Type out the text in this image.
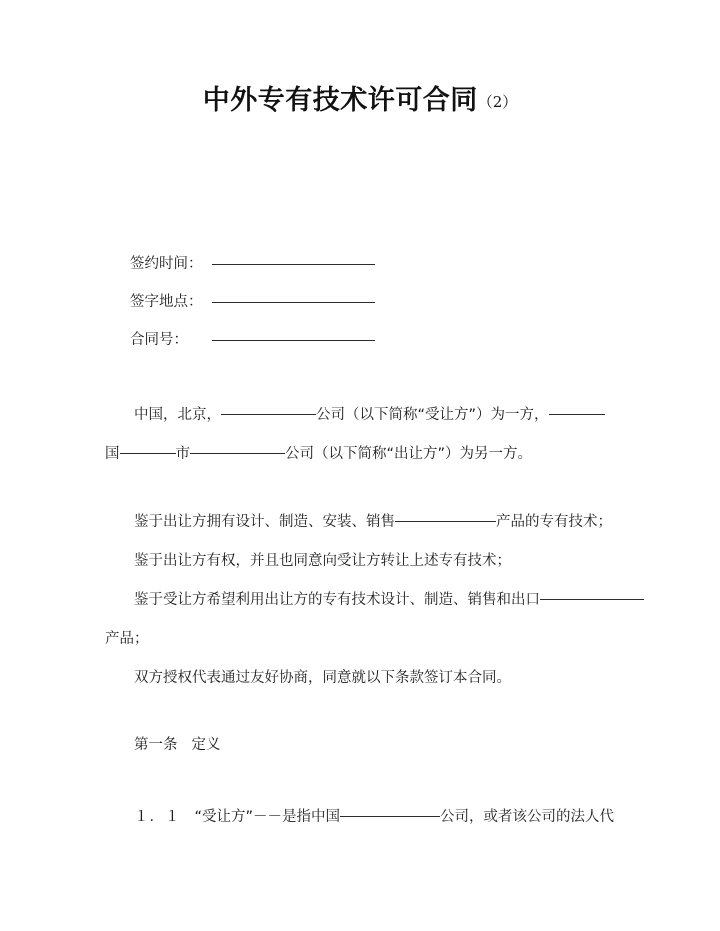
中外专有技术许可合同（2）
签约时间：
签字地点：
合同号：

中国，北京，	公司（以下简称“受让方”）为一方，
国	市	公司（以下简称“出让方”）为另一方。

鉴于出让方拥有设计、制造、安装、销售	产品的专有技术；
鉴于出让方有权，并且也同意向受让方转让上述专有技术；
鉴于受让方希望利用出让方的专有技术设计、制造、销售和出口
产品；
双方授权代表通过友好协商，同意就以下条款签订本合同。

第一条 定义

１．１ “受让方”－－是指中国	公司，或者该公司的法人代
